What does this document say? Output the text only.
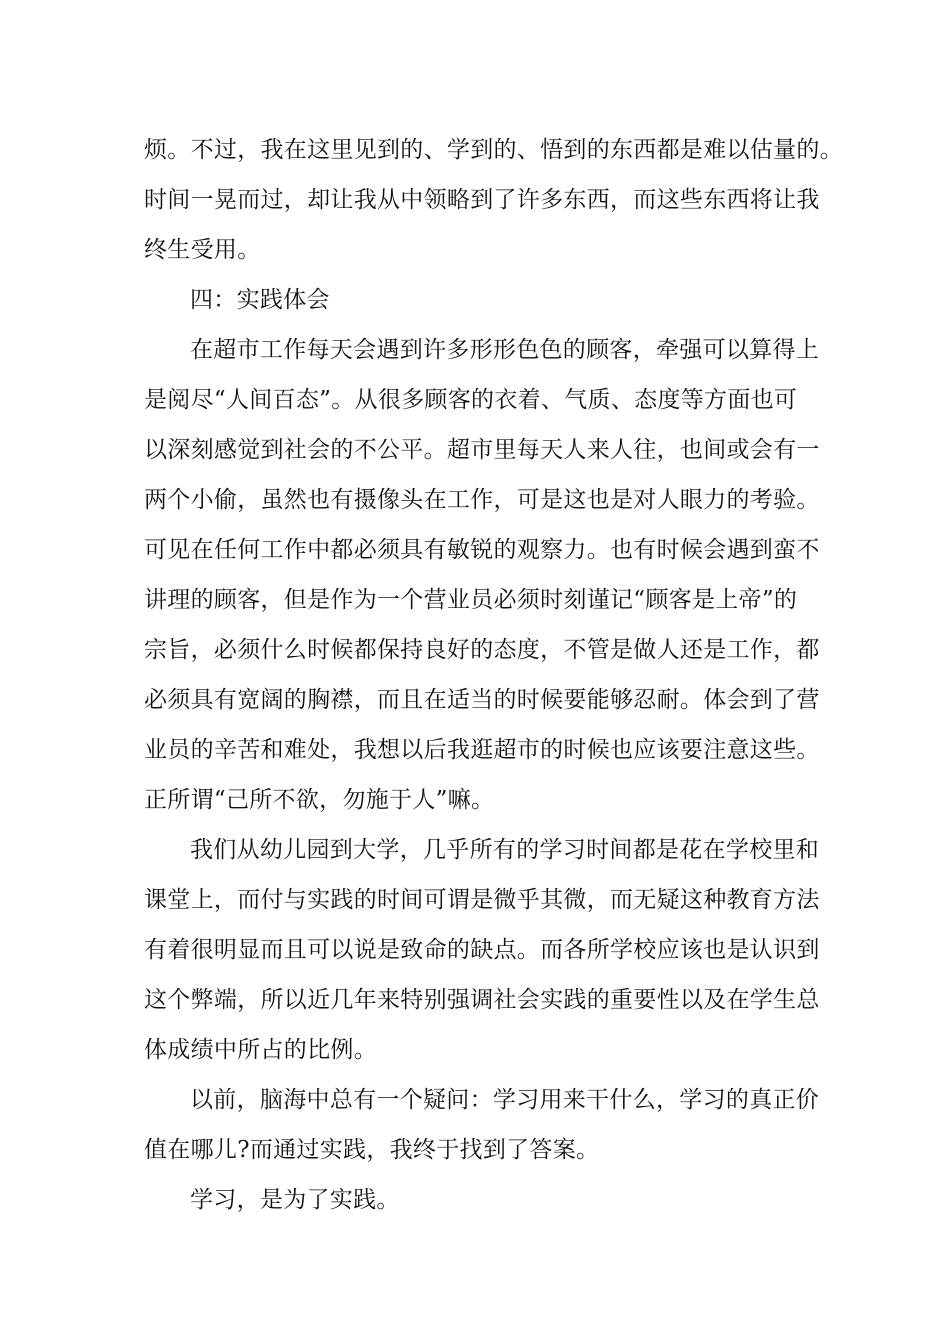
烦。不过，我在这里见到的、学到的、悟到的东西都是难以估量的。
时间一晃而过，却让我从中领略到了许多东西，而这些东西将让我
终生受用。
四：实践体会
在超市工作每天会遇到许多形形色色的顾客，牵强可以算得上
是阅尽“人间百态”。从很多顾客的衣着、气质、态度等方面也可
以深刻感觉到社会的不公平。超市里每天人来人往，也间或会有一
两个小偷，虽然也有摄像头在工作，可是这也是对人眼力的考验。
可见在任何工作中都必须具有敏锐的观察力。也有时候会遇到蛮不
讲理的顾客，但是作为一个营业员必须时刻谨记“顾客是上帝”的
宗旨，必须什么时候都保持良好的态度，不管是做人还是工作，都
必须具有宽阔的胸襟，而且在适当的时候要能够忍耐。体会到了营
业员的辛苦和难处，我想以后我逛超市的时候也应该要注意这些。
正所谓“己所不欲，勿施于人”嘛。
我们从幼儿园到大学，几乎所有的学习时间都是花在学校里和
课堂上，而付与实践的时间可谓是微乎其微，而无疑这种教育方法
有着很明显而且可以说是致命的缺点。而各所学校应该也是认识到
这个弊端，所以近几年来特别强调社会实践的重要性以及在学生总
体成绩中所占的比例。
以前，脑海中总有一个疑问：学习用来干什么，学习的真正价
值在哪儿?而通过实践，我终于找到了答案。
学习，是为了实践。
